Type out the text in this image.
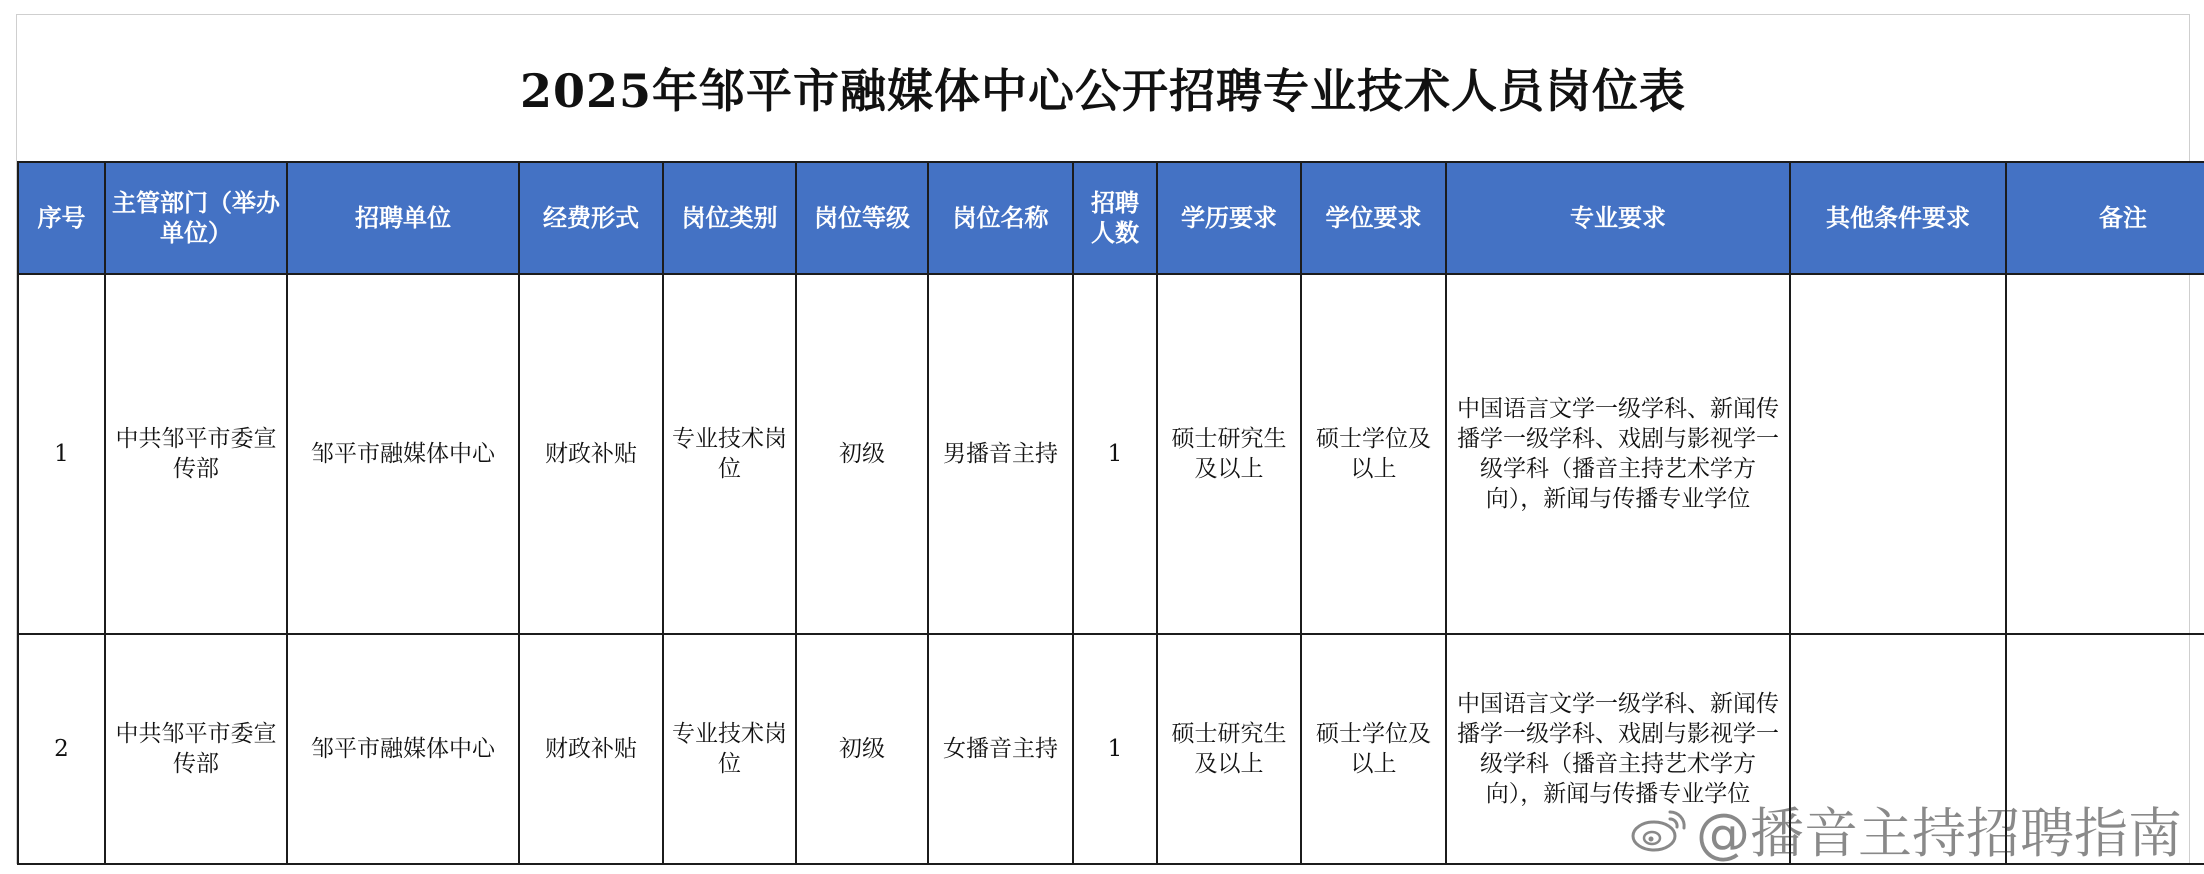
2025年邹平市融媒体中心公开招聘专业技术人员岗位表
序号	主管部门（举办单位）	招聘单位	经费形式	岗位类别	岗位等级	岗位名称	招聘人数	学历要求	学位要求	专业要求	其他条件要求	备注
1	中共邹平市委宣传部	邹平市融媒体中心	财政补贴	专业技术岗位	初级	男播音主持	1	硕士研究生及以上	硕士学位及以上	中国语言文学一级学科、新闻传播学一级学科、戏剧与影视学一级学科（播音主持艺术学方向），新闻与传播专业学位		
2	中共邹平市委宣传部	邹平市融媒体中心	财政补贴	专业技术岗位	初级	女播音主持	1	硕士研究生及以上	硕士学位及以上	中国语言文学一级学科、新闻传播学一级学科、戏剧与影视学一级学科（播音主持艺术学方向），新闻与传播专业学位		
@播音主持招聘指南
